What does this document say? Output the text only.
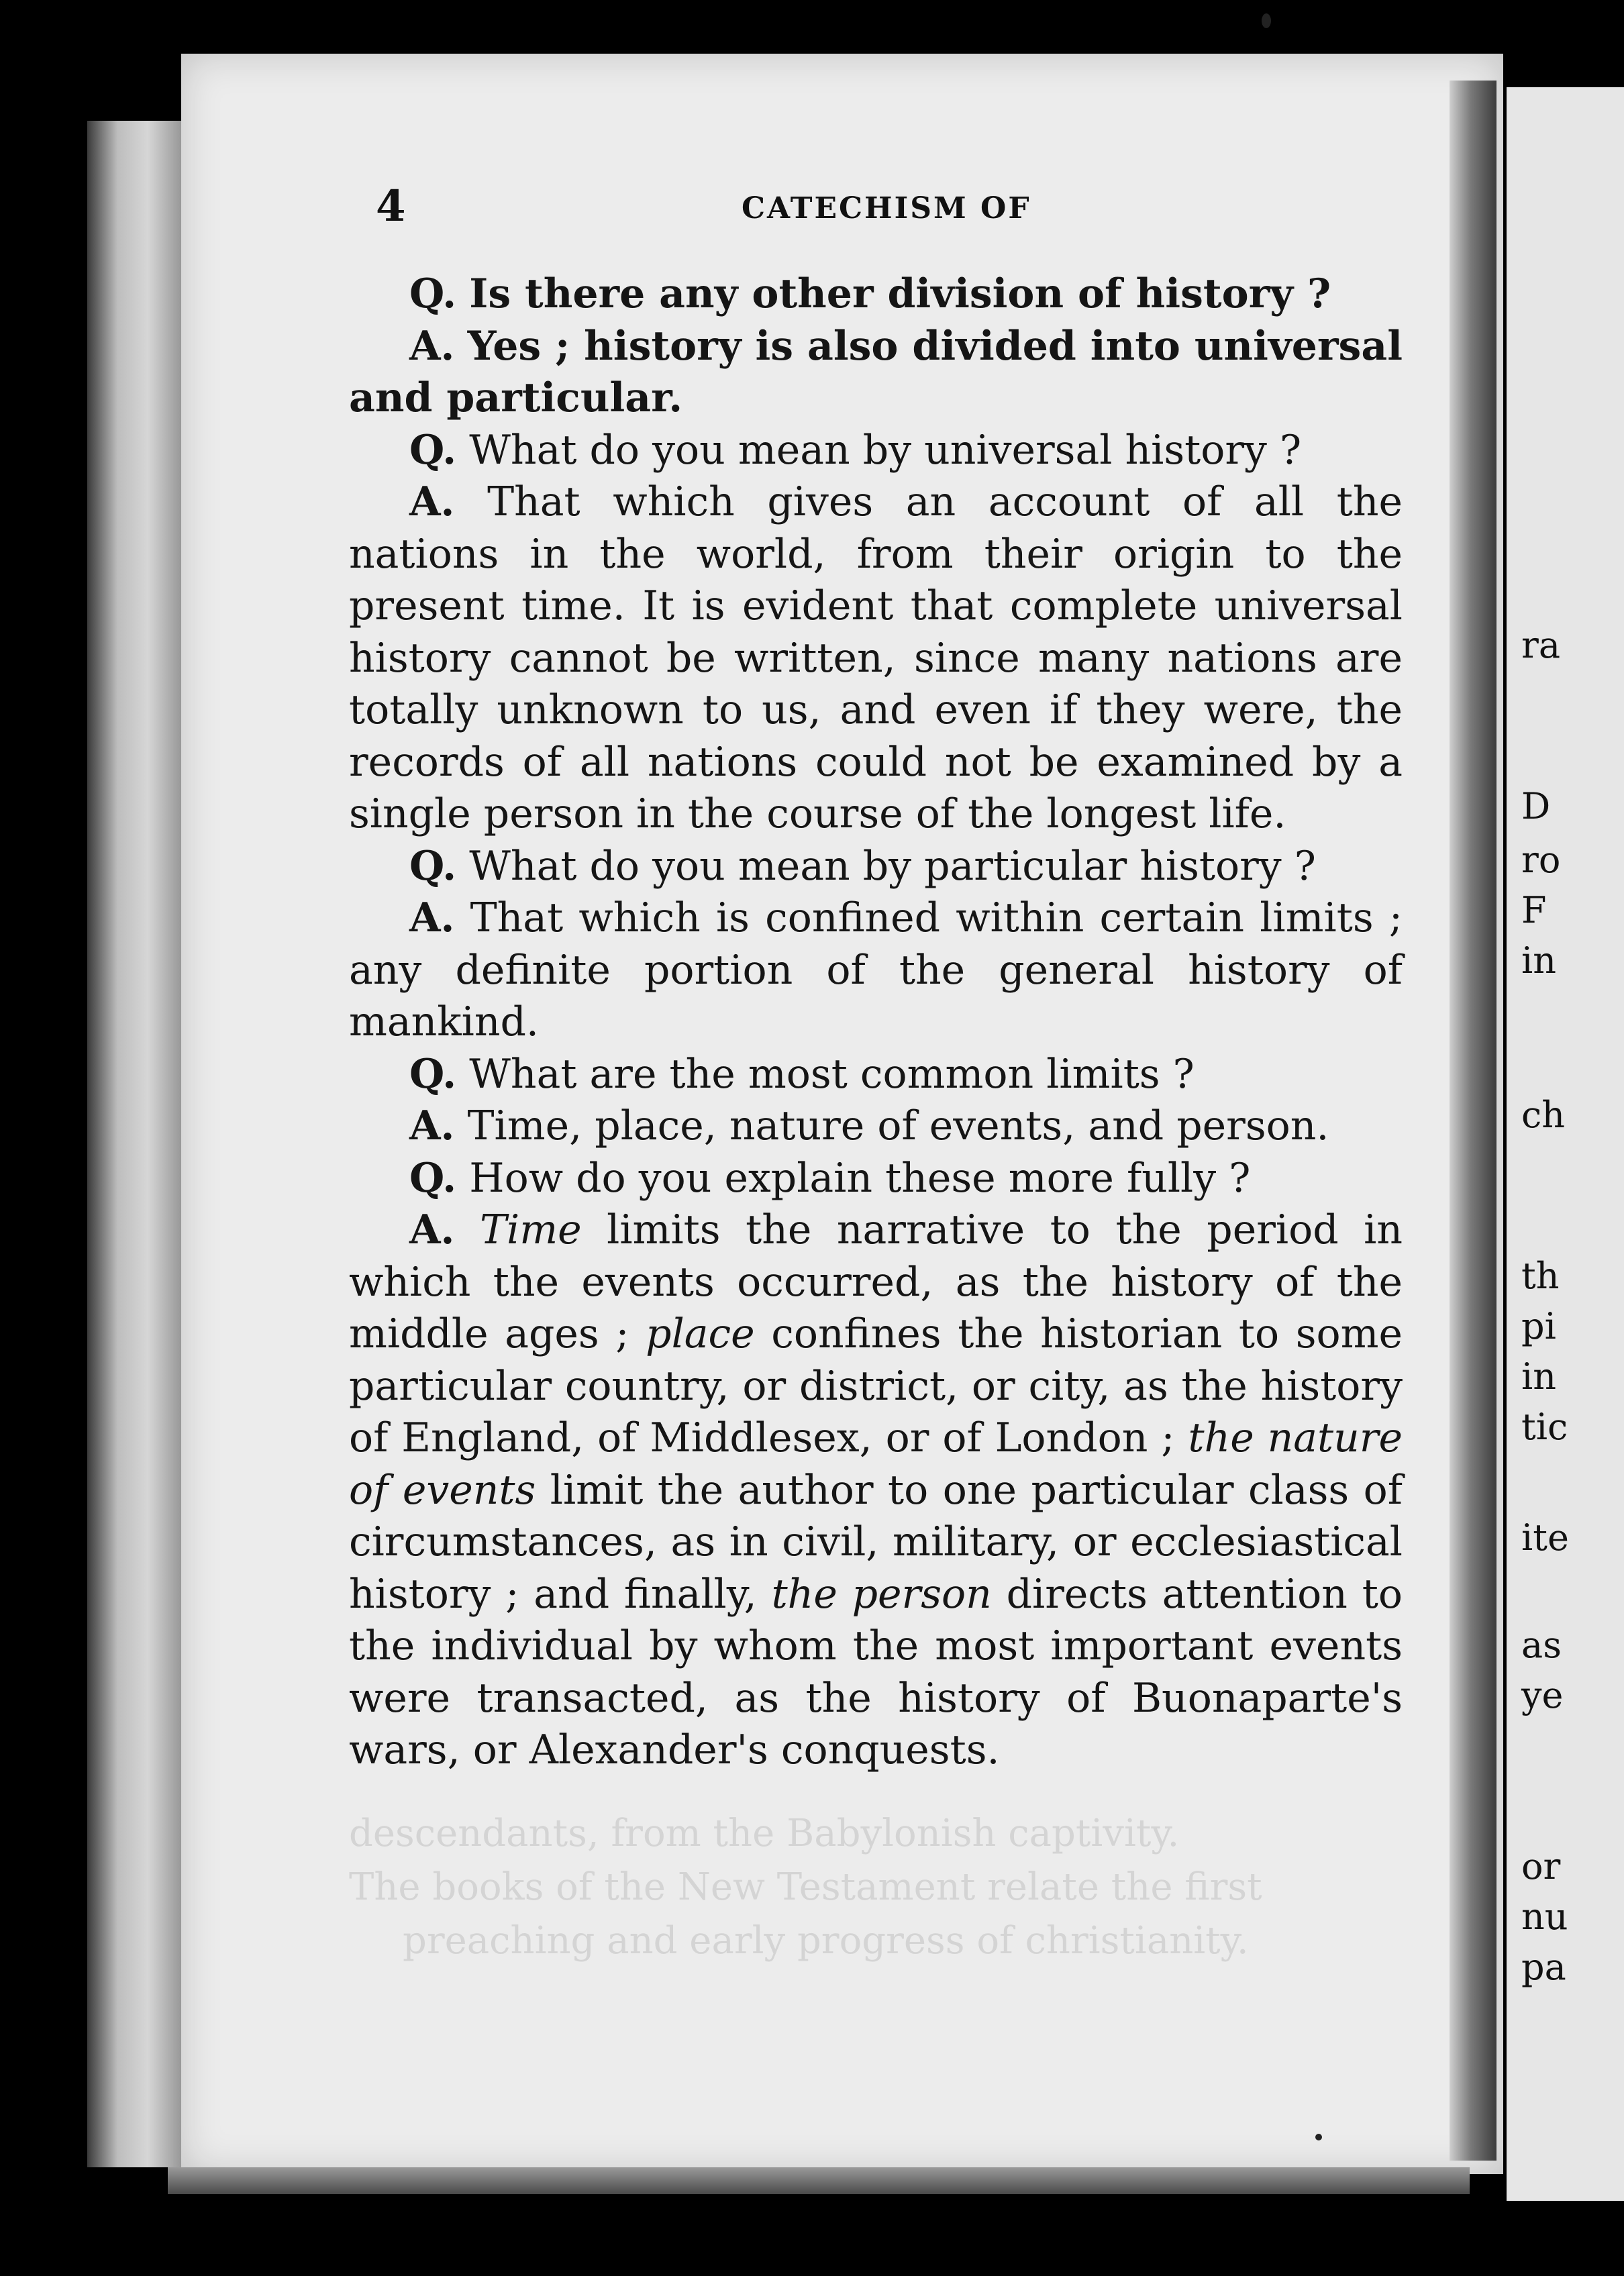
ra
D
ro
F
in
ch
th
pi
in
tic
ite
as
ye
or
nu
pa
descendants, from the Babylonish captivity.
The books of the New Testament relate the first
preaching and early progress of christianity.
4	CATECHISM OF

Q. Is there any other division of history ?

A. Yes ; history is also divided into universal and particular.

Q. What do you mean by universal history ?

A. That which gives an account of all the nations in the world, from their origin to the present time. It is evident that complete universal history cannot be written, since many nations are totally unknown to us, and even if they were, the records of all nations could not be examined by a single person in the course of the longest life.

Q. What do you mean by particular history ?

A. That which is confined within certain limits ; any definite portion of the general history of mankind.

Q. What are the most common limits ?

A. Time, place, nature of events, and person.

Q. How do you explain these more fully ?

A. Time limits the narrative to the period in which the events occurred, as the history of the middle ages ; place confines the historian to some particular country, or district, or city, as the history of England, of Middlesex, or of London ; the nature of events limit the author to one particular class of circumstances, as in civil, military, or ecclesiastical history ; and finally, the person directs attention to the individual by whom the most important events were transacted, as the history of Buonaparte's wars, or Alexander's conquests.
